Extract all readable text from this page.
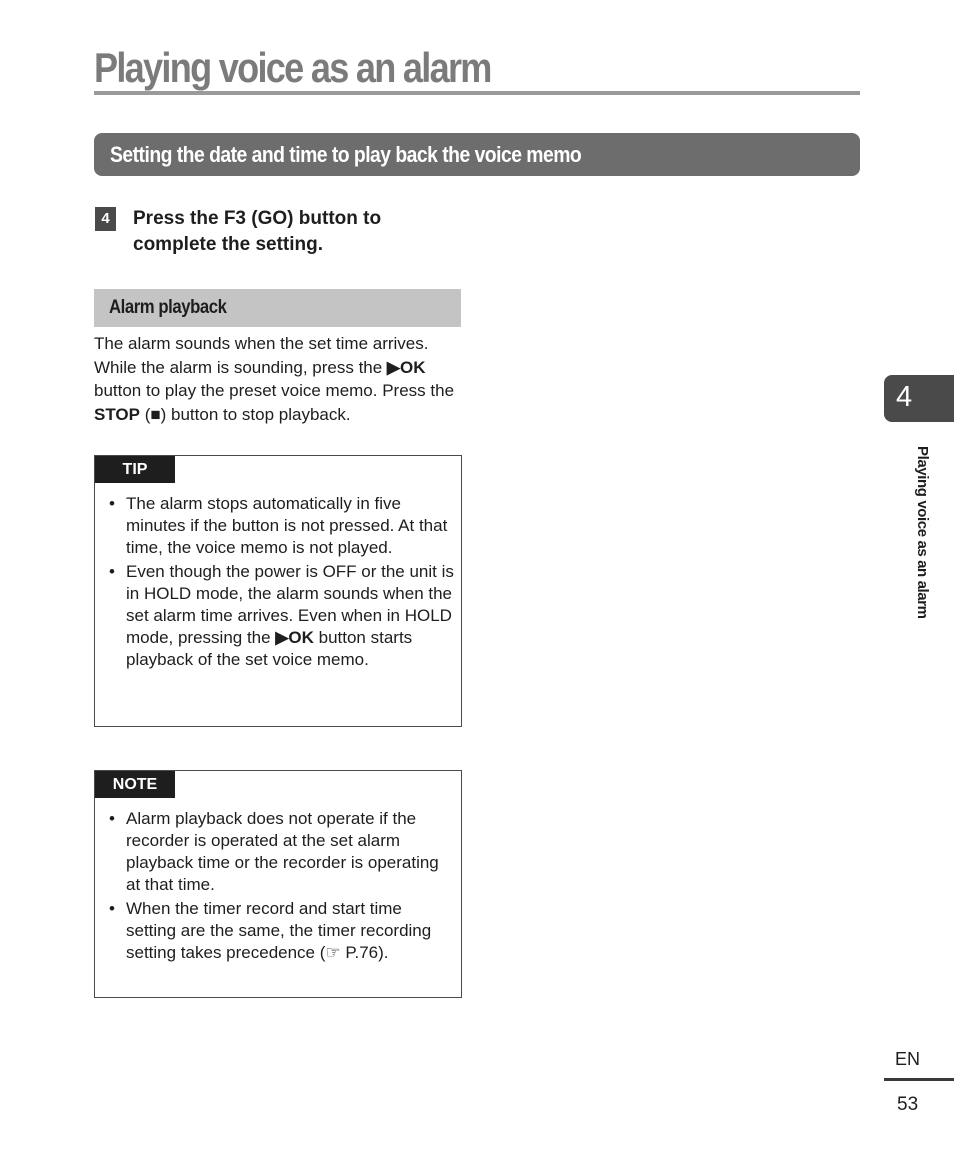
Playing voice as an alarm
Setting the date and time to play back the voice memo
4	Press the F3 (GO) button to complete the setting.
Alarm playback
The alarm sounds when the set time arrives. While the alarm is sounding, press the ▶OK button to play the preset voice memo. Press the STOP (■) button to stop playback.
TIP
• The alarm stops automatically in five minutes if the button is not pressed. At that time, the voice memo is not played.
• Even though the power is OFF or the unit is in HOLD mode, the alarm sounds when the set alarm time arrives. Even when in HOLD mode, pressing the ▶OK button starts playback of the set voice memo.
NOTE
• Alarm playback does not operate if the recorder is operated at the set alarm playback time or the recorder is operating at that time.
• When the timer record and start time setting are the same, the timer recording setting takes precedence (☞ P.76).
4
Playing voice as an alarm
EN
53
